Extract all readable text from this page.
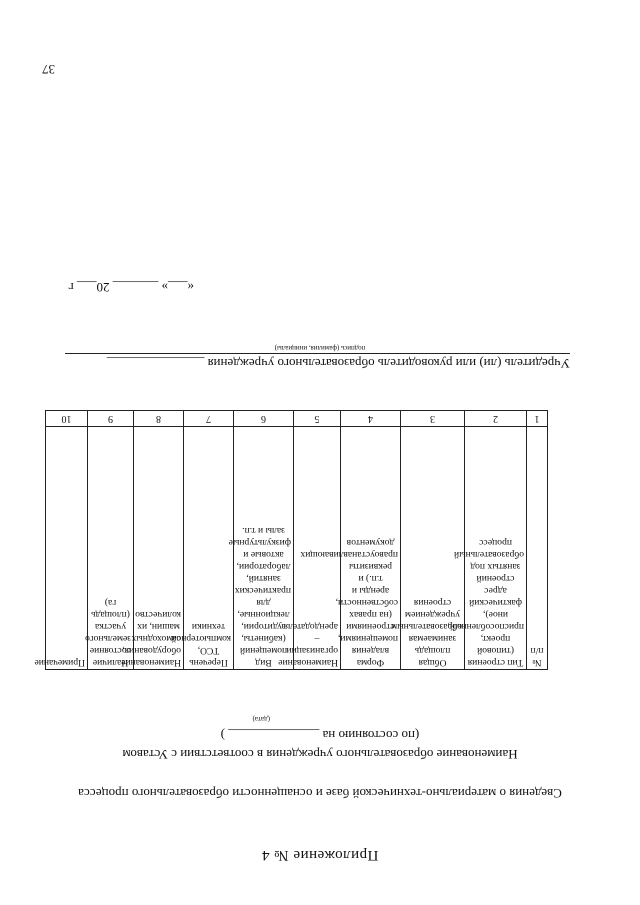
37
Приложение № 4
Сведения о материально-технической базе и оснащенности образовательного процесса
Наименование образовательного учреждения в соответствии с Уставом
(по состоянию на ______________ )
(дата)
№ п/п	Тип строения (типовой проект, приспособленный, иное), фактический адрес строений занятых под образовательный процесс	Общая площадь занимаемая образовательным учреждением строения	Форма владения помещениями, строениями (на правах собственности, аренды и т.п.) и реквизиты правоустанавливающих документов	Наименование организации – арендодателя	Вид помещений (кабинеты, аудитории, лекционные, для практических занятий, лаборатории, актовые и физкультурные залы и т.п.	Перечень ТСО, компьютерной техники	Наименование оборудования, самоходных машин, их количество	Наличие состояние земельного участка (площадь га)	Примечание
1	2	3	4	5	6	7	8	9	10
Учредитель (ли) или руководитель образовательного учреждения _______________
подпись (фамилия, инициалы)
«___» _______ 20___ г
